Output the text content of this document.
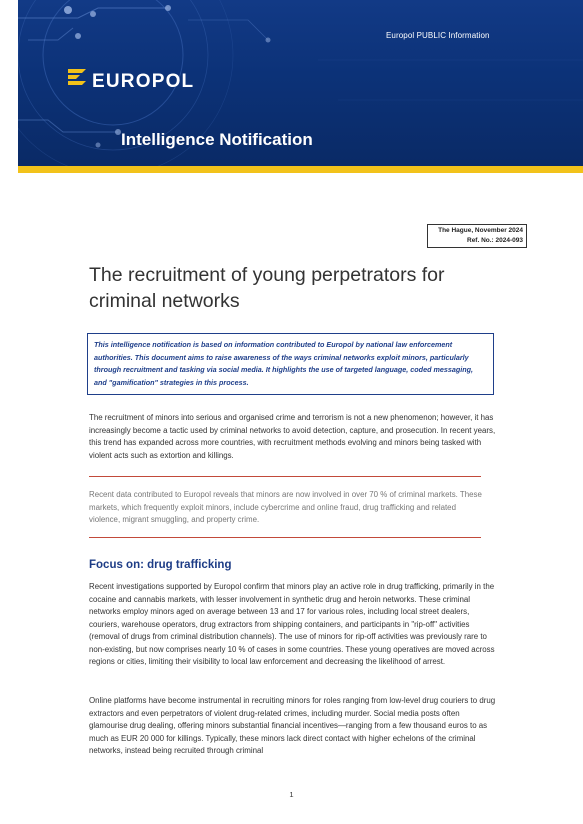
Europol PUBLIC Information
EUROPOL
Intelligence Notification
The Hague, November 2024
Ref. No.: 2024-093
The recruitment of young perpetrators for criminal networks
This intelligence notification is based on information contributed to Europol by national law enforcement authorities. This document aims to raise awareness of the ways criminal networks exploit minors, particularly through recruitment and tasking via social media. It highlights the use of targeted language, coded messaging, and "gamification" strategies in this process.

The recruitment of minors into serious and organised crime and terrorism is not a new phenomenon; however, it has increasingly become a tactic used by criminal networks to avoid detection, capture, and prosecution. In recent years, this trend has expanded across more countries, with recruitment methods evolving and minors being tasked with violent acts such as extortion and killings.

Recent data contributed to Europol reveals that minors are now involved in over 70 % of criminal markets. These markets, which frequently exploit minors, include cybercrime and online fraud, drug trafficking and related violence, migrant smuggling, and property crime.

Focus on: drug trafficking

Recent investigations supported by Europol confirm that minors play an active role in drug trafficking, primarily in the cocaine and cannabis markets, with lesser involvement in synthetic drug and heroin networks. These criminal networks employ minors aged on average between 13 and 17 for various roles, including local street dealers, couriers, warehouse operators, drug extractors from shipping containers, and participants in "rip-off" activities (removal of drugs from criminal distribution channels). The use of minors for rip-off activities was previously rare to non-existing, but now comprises nearly 10 % of cases in some countries. These young operatives are moved across regions or cities, limiting their visibility to local law enforcement and decreasing the likelihood of arrest.

Online platforms have become instrumental in recruiting minors for roles ranging from low-level drug couriers to drug extractors and even perpetrators of violent drug-related crimes, including murder. Social media posts often glamourise drug dealing, offering minors substantial financial incentives—ranging from a few thousand euros to as much as EUR 20 000 for killings. Typically, these minors lack direct contact with higher echelons of the criminal networks, instead being recruited through criminal

1
